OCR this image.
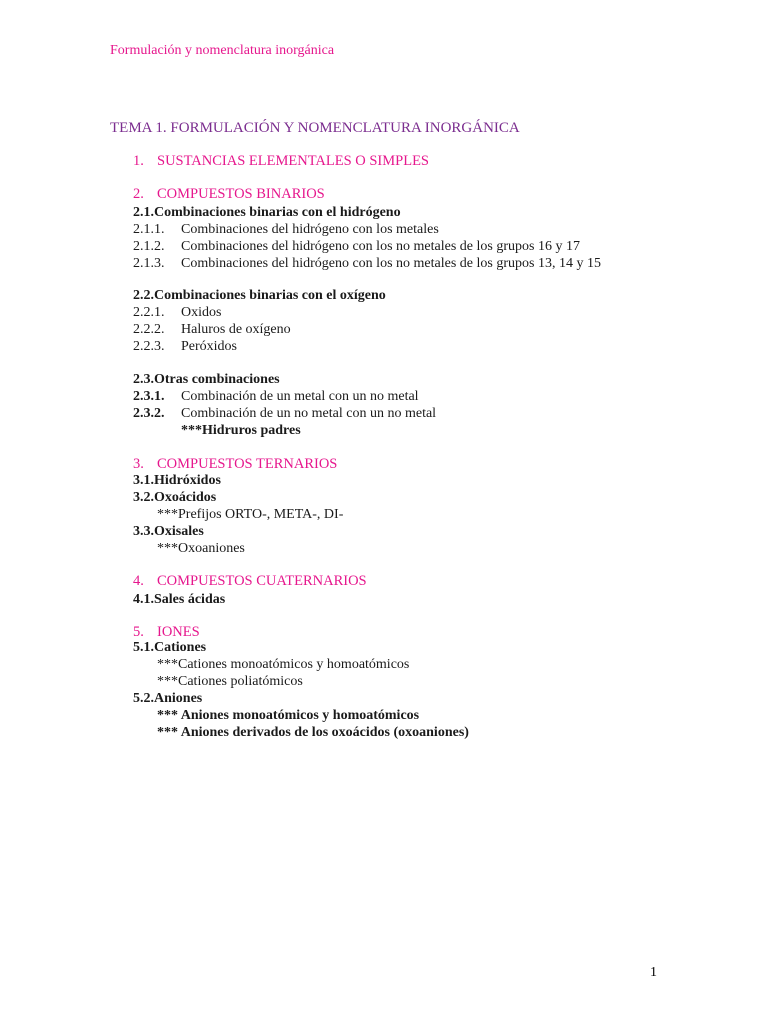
Formulación y nomenclatura inorgánica
TEMA 1. FORMULACIÓN Y NOMENCLATURA INORGÁNICA
1. SUSTANCIAS ELEMENTALES O SIMPLES
2. COMPUESTOS BINARIOS
2.1.Combinaciones binarias con el hidrógeno
2.1.1. Combinaciones del hidrógeno con los metales
2.1.2. Combinaciones del hidrógeno con los no metales de los grupos 16 y 17
2.1.3. Combinaciones del hidrógeno con los no metales de los grupos 13, 14 y 15
2.2.Combinaciones binarias con el oxígeno
2.2.1. Oxidos
2.2.2. Haluros de oxígeno
2.2.3. Peróxidos
2.3.Otras combinaciones
2.3.1. Combinación de un metal con un no metal
2.3.2. Combinación de un no metal con un no metal
***Hidruros padres
3. COMPUESTOS TERNARIOS
3.1.Hidróxidos
3.2.Oxoácidos
***Prefijos ORTO-, META-, DI-
3.3.Oxisales
***Oxoaniones
4. COMPUESTOS CUATERNARIOS
4.1.Sales ácidas
5. IONES
5.1.Cationes
***Cationes monoatómicos y homoatómicos
***Cationes poliatómicos
5.2.Aniones
*** Aniones monoatómicos y homoatómicos
*** Aniones derivados de los oxoácidos (oxoaniones)
1
